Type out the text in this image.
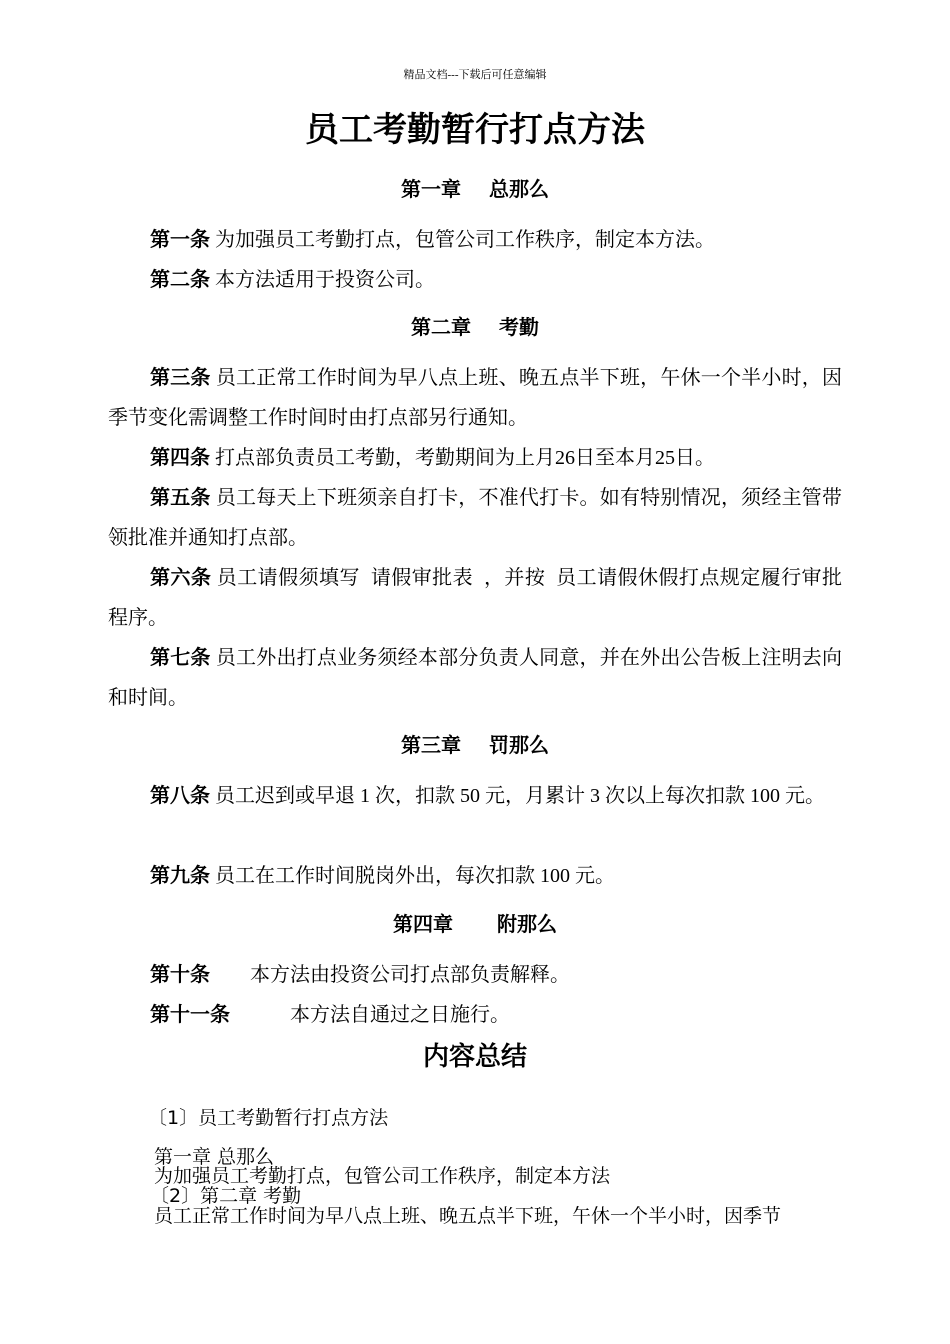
精品文档---下载后可任意编辑
员工考勤暂行打点方法
第一章 总那么
第一条 为加强员工考勤打点，包管公司工作秩序，制定本方法。
第二条 本方法适用于投资公司。
第二章 考勤
第三条 员工正常工作时间为早八点上班、晚五点半下班，午休一个半小时，因季节变化需调整工作时间时由打点部另行通知。
第四条 打点部负责员工考勤，考勤期间为上月26日至本月25日。
第五条 员工每天上下班须亲自打卡，不准代打卡。如有特别情况，须经主管带领批准并通知打点部。
第六条 员工请假须填写  请假审批表  ，并按  员工请假休假打点规定履行审批程序。
第七条 员工外出打点业务须经本部分负责人同意，并在外出公告板上注明去向和时间。
第三章 罚那么
第八条 员工迟到或早退 1 次，扣款 50 元，月累计 3 次以上每次扣款 100 元。
第九条 员工在工作时间脱岗外出，每次扣款 100 元。
第四章 附那么
第十条　　本方法由投资公司打点部负责解释。
第十一条　　　本方法自通过之日施行。
内容总结
〔1〕员工考勤暂行打点方法
第一章 总那么
为加强员工考勤打点，包管公司工作秩序，制定本方法
〔2〕第二章 考勤
员工正常工作时间为早八点上班、晚五点半下班，午休一个半小时，因季节
